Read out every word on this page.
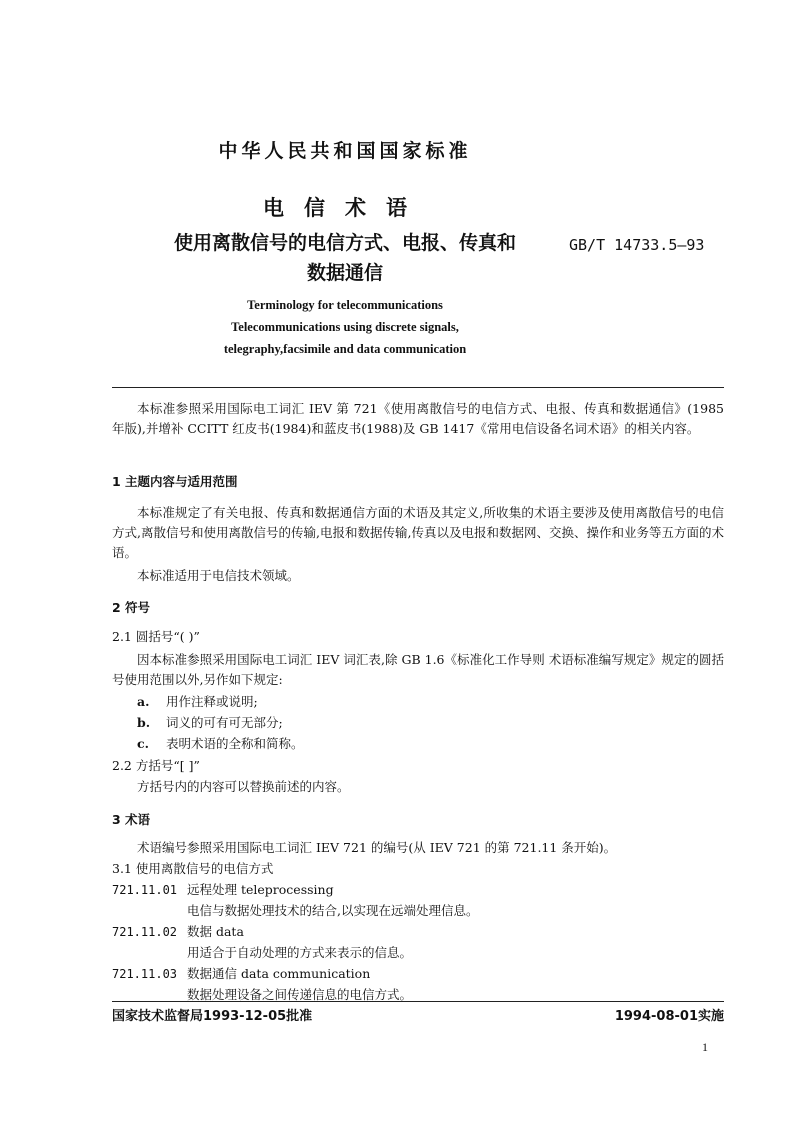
中华人民共和国国家标准
电信术语
使用离散信号的电信方式、电报、传真和
数据通信
GB/T 14733.5—93
Terminology for telecommunications
Telecommunications using discrete signals,
telegraphy,facsimile and data communication
本标准参照采用国际电工词汇 IEV 第 721《使用离散信号的电信方式、电报、传真和数据通信》(1985 年版),并增补 CCITT 红皮书(1984)和蓝皮书(1988)及 GB 1417《常用电信设备名词术语》的相关内容。
1 主题内容与适用范围
本标准规定了有关电报、传真和数据通信方面的术语及其定义,所收集的术语主要涉及使用离散信号的电信方式,离散信号和使用离散信号的传输,电报和数据传输,传真以及电报和数据网、交换、操作和业务等五方面的术语。
本标准适用于电信技术领域。
2 符号
2.1 圆括号“( )”
因本标准参照采用国际电工词汇 IEV 词汇表,除 GB 1.6《标准化工作导则 术语标准编写规定》规定的圆括号使用范围以外,另作如下规定:
a. 用作注释或说明;
b. 词义的可有可无部分;
c. 表明术语的全称和简称。
2.2 方括号“[ ]”
方括号内的内容可以替换前述的内容。
3 术语
术语编号参照采用国际电工词汇 IEV 721 的编号(从 IEV 721 的第 721.11 条开始)。
3.1 使用离散信号的电信方式
721.11.01 远程处理 teleprocessing
电信与数据处理技术的结合,以实现在远端处理信息。
721.11.02 数据 data
用适合于自动处理的方式来表示的信息。
721.11.03 数据通信 data communication
数据处理设备之间传递信息的电信方式。
国家技术监督局1993-12-05批准	1994-08-01实施
1
